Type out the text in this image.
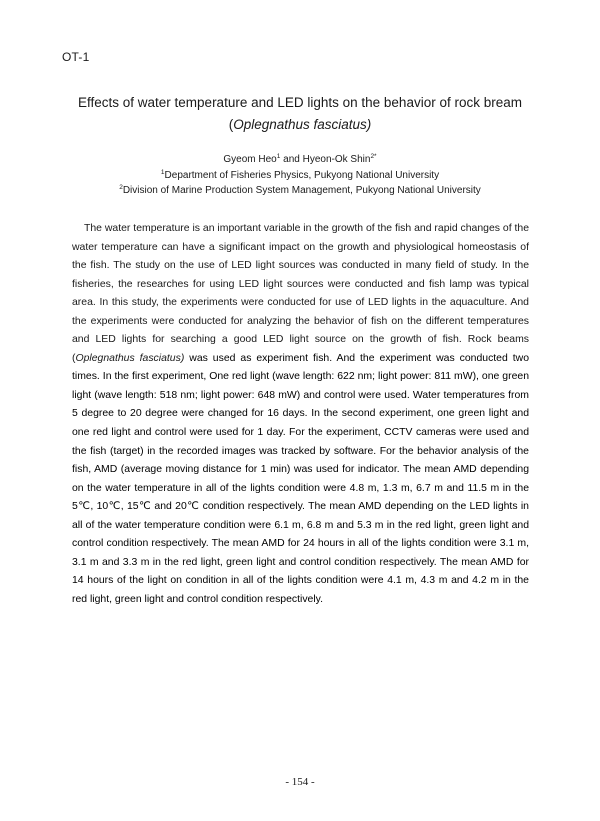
OT-1
Effects of water temperature and LED lights on the behavior of rock bream
(Oplegnathus fasciatus)
Gyeom Heo$^1$ and Hyeon-Ok Shin$^{2*}$
$^1$Department of Fisheries Physics, Pukyong National University
$^2$Division of Marine Production System Management, Pukyong National University

The water temperature is an important variable in the growth of the fish and rapid changes of the water temperature can have a significant impact on the growth and physiological homeostasis of the fish. The study on the use of LED light sources was conducted in many field of study. In the fisheries, the researches for using LED light sources were conducted and fish lamp was typical area. In this study, the experiments were conducted for use of LED lights in the aquaculture. And the experiments were conducted for analyzing the behavior of fish on the different temperatures and LED lights for searching a good LED light source on the growth of fish. Rock beams (Oplegnathus fasciatus) was used as experiment fish. And the experiment was conducted two times. In the first experiment, One red light (wave length: 622 nm; light power: 811 mW), one green light (wave length: 518 nm; light power: 648 mW) and control were used. Water temperatures from 5 degree to 20 degree were changed for 16 days. In the second experiment, one green light and one red light and control were used for 1 day. For the experiment, CCTV cameras were used and the fish (target) in the recorded images was tracked by software. For the behavior analysis of the fish, AMD (average moving distance for 1 min) was used for indicator. The mean AMD depending on the water temperature in all of the lights condition were 4.8 m, 1.3 m, 6.7 m and 11.5 m in the 5℃, 10℃, 15℃ and 20℃ condition respectively. The mean AMD depending on the LED lights in all of the water temperature condition were 6.1 m, 6.8 m and 5.3 m in the red light, green light and control condition respectively. The mean AMD for 24 hours in all of the lights condition were 3.1 m, 3.1 m and 3.3 m in the red light, green light and control condition respectively. The mean AMD for 14 hours of the light on condition in all of the lights condition were 4.1 m, 4.3 m and 4.2 m in the red light, green light and control condition respectively.

- 154 -
